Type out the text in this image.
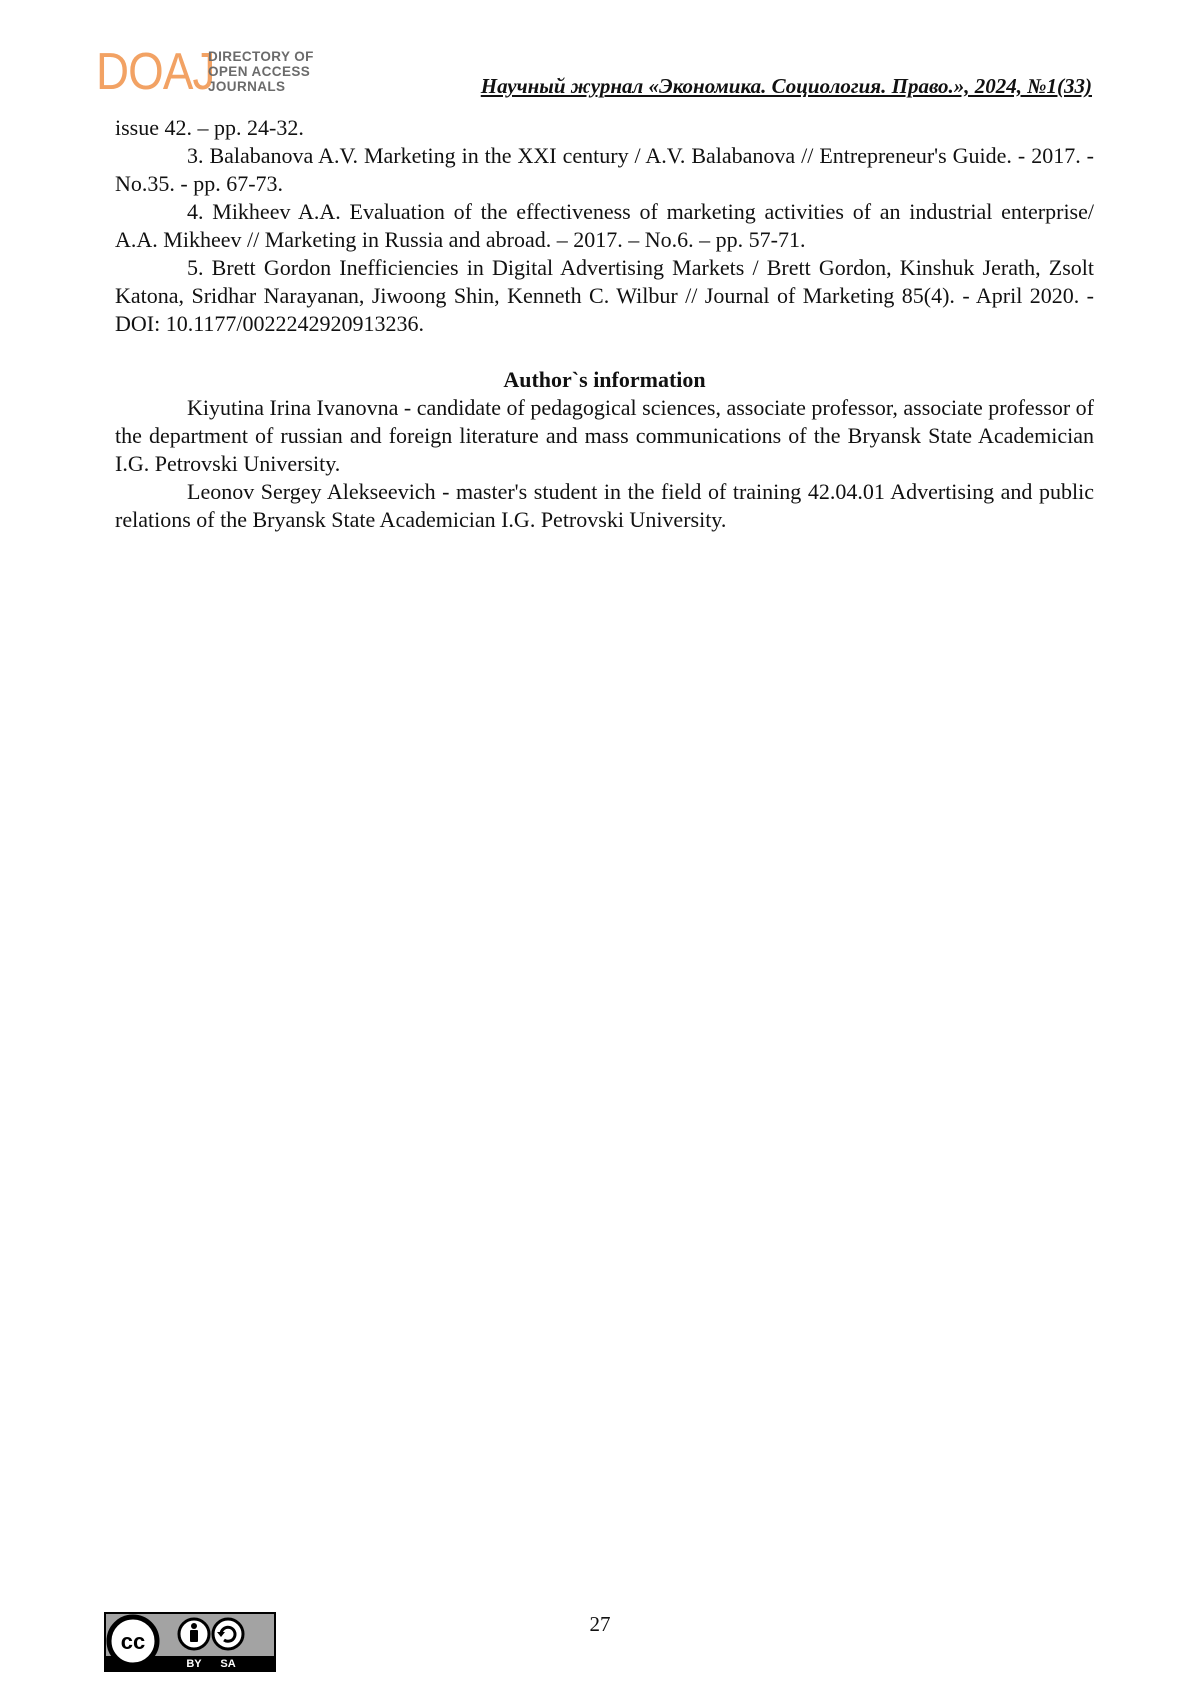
DOAJ
DIRECTORY OF
OPEN ACCESS
JOURNALS	Научный журнал «Экономика. Социология. Право.», 2024, №1(33)

issue 42. – pp. 24-32.

3. Balabanova A.V. Marketing in the XXI century / A.V. Balabanova // Entrepreneur's Guide. - 2017. - No.35. - pp. 67-73.

4. Mikheev A.A. Evaluation of the effectiveness of marketing activities of an industrial enterprise/ A.A. Mikheev // Marketing in Russia and abroad. – 2017. – No.6. – pp. 57-71.

5. Brett Gordon Inefficiencies in Digital Advertising Markets / Brett Gordon, Kinshuk Jerath, Zsolt Katona, Sridhar Narayanan, Jiwoong Shin, Kenneth C. Wilbur // Journal of Marketing 85(4). - April 2020. - DOI: 10.1177/0022242920913236.

Author`s information

Kiyutina Irina Ivanovna - candidate of pedagogical sciences, associate professor, associate professor of the department of russian and foreign literature and mass communications of the Bryansk State Academician I.G. Petrovski University.

Leonov Sergey Alekseevich - master's student in the field of training 42.04.01 Advertising and public relations of the Bryansk State Academician I.G. Petrovski University.

cc
BY SA
27
